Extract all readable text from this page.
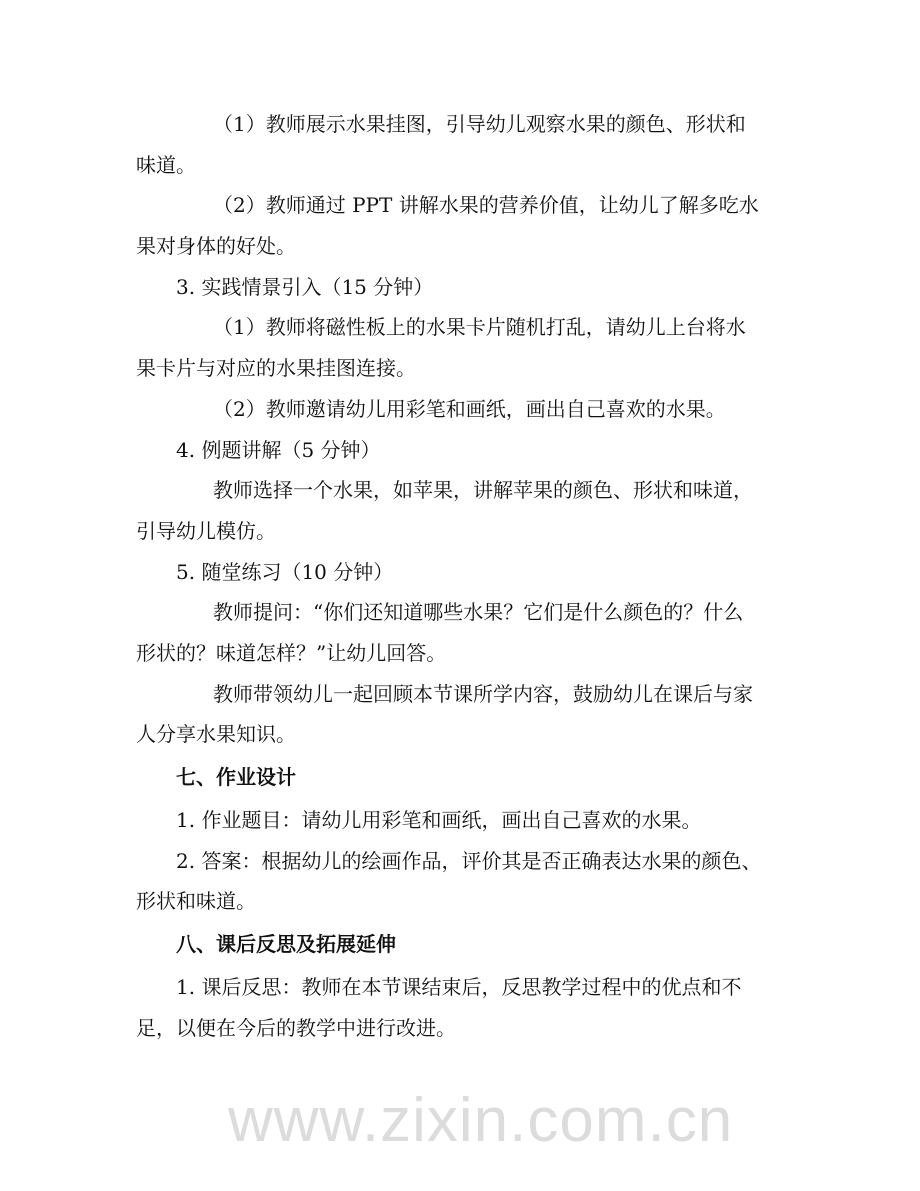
（1）教师展示水果挂图，引导幼儿观察水果的颜色、形状和
味道。
（2）教师通过 PPT 讲解水果的营养价值，让幼儿了解多吃水
果对身体的好处。
3. 实践情景引入（15 分钟）
（1）教师将磁性板上的水果卡片随机打乱，请幼儿上台将水
果卡片与对应的水果挂图连接。
（2）教师邀请幼儿用彩笔和画纸，画出自己喜欢的水果。
4. 例题讲解（5 分钟）
教师选择一个水果，如苹果，讲解苹果的颜色、形状和味道，
引导幼儿模仿。
5. 随堂练习（10 分钟）
教师提问：“你们还知道哪些水果？它们是什么颜色的？什么
形状的？味道怎样？”让幼儿回答。
教师带领幼儿一起回顾本节课所学内容，鼓励幼儿在课后与家
人分享水果知识。
七、作业设计
1. 作业题目：请幼儿用彩笔和画纸，画出自己喜欢的水果。
2. 答案：根据幼儿的绘画作品，评价其是否正确表达水果的颜色、
形状和味道。
八、课后反思及拓展延伸
1. 课后反思：教师在本节课结束后，反思教学过程中的优点和不
足，以便在今后的教学中进行改进。
www.zixin.com.cn
